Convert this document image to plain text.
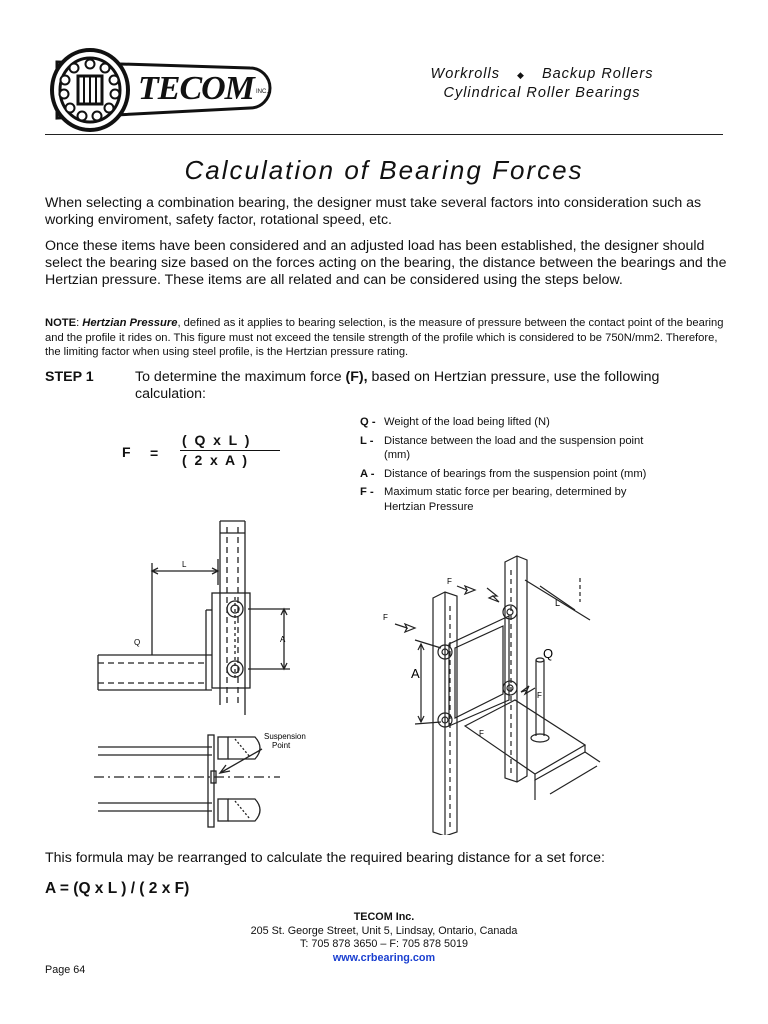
TECOM INC.
Workrolls ◆ Backup Rollers
Cylindrical Roller Bearings
Calculation of Bearing Forces
When selecting a combination bearing, the designer must take several factors into consideration such as working enviroment, safety factor, rotational speed, etc.
Once these items have been considered and an adjusted load has been established, the designer should select the bearing size based on the forces acting on the bearing, the distance between the bearings and the Hertzian pressure. These items are all related and can be considered using the steps below.
NOTE: Hertzian Pressure, defined as it applies to bearing selection, is the measure of pressure between the contact point of the bearing and the profile it rides on. This figure must not exceed the tensile strength of the profile which is considered to be 750N/mm2. Therefore, the limiting factor when using steel profile, is the Hertzian pressure rating.
STEP 1	To determine the maximum force (F), based on Hertzian pressure, use the following calculation:
F =
(  Q  x  L  )
(  2  x  A  )
Q - Weight of the load being lifted (N)
L - Distance between the load and the suspension point (mm)
A - Distance of bearings from the suspension point (mm)
F - Maximum static force per bearing, determined by Hertzian Pressure
L
Q	A
Suspension
Point
F
F
F
F
L
Q
A
This formula may be rearranged to calculate the required bearing distance for a set force:
A = (Q x L ) / ( 2 x F)
TECOM Inc.
205 St. George Street, Unit 5, Lindsay, Ontario, Canada
T: 705 878 3650 – F: 705 878 5019
www.crbearing.com
Page 64
